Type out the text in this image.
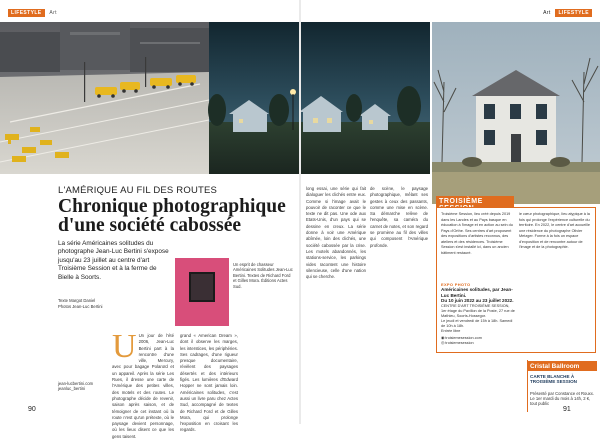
LIFESTYLE Art	Art LIFESTYLE
L'AMÉRIQUE AU FIL DES ROUTES
Chronique photographique d'une société cabossée

La série Américaines solitudes du photographe Jean-Luc Bertini s'expose jusqu'au 23 juillet au centre d'art Troisième Session et à la ferme de Bielle à Soorts.

Texte Margot Daniel
Photos Jean-Luc Bertini
Un esprit de chasseur Américaines Solitudes Jean-Luc Bertini. Textes de Richard Ford et Gilles Mora. Éditions Actes Sud.
U Un jour de l'été 2006, Jean-Luc Bertini part à la rencontre d'une ville, Mercury, avec pour bagage Polaroïd et un appareil. Après la série Les Rues, il dresse une carte de l'Amérique des petites villes, des motels et des routes. Le photographe décide de revenir, saison après saison, et de témoigner de cet instant où la route n'est qu'un prétexte, où le paysage devient personnage, où les lieux disent ce que les gens taisent.
grand « American Dream », dont il observe les marges, les interstices, les périphéries. Ses cadrages, d'une rigueur presque documentaire, révèlent des paysages désertés et des intérieurs figés. Les lumières d'Edward Hopper ne sont jamais loin. Américaines solitudes, c'est aussi un livre paru chez Actes Sud, accompagné de textes de Richard Ford et de Gilles Mora, qui prolonge l'exposition en croisant les regards.
long essai, une série qui fait dialoguer les clichés entre eux. Comme si l'image avait le pouvoir de raconter ce que le texte ne dit pas. Une ode aux Etats-Unis, d'un pays qui se dessine en creux. La série donne à voir une Amérique abîmée, loin des clichés, une société cabossée par la crise. Les motels abandonnés, les stations-service, les parkings vides racontent une histoire silencieuse, celle d'une nation qui se cherche.
de scène, le paysage photographique, mêlant ses gestes à ceux des passants, comme une mise en scène. Sa démarche relève de l'enquête, sa caméra du carnet de notes, et son regard se promène au fil des villes qui composent l'Amérique profonde.
jean-lucbertini.com
jeanluc_bertini
TROISIÈME SESSION
Troisième Session, lieu créé depuis 2019 dans les Landes et au Pays basque en éducation à l'image et en action au sein du Pays d'Orthe. Ses centres d'art proposent des expositions d'artistes reconnus, des ateliers et des résidences. Troisième Session s'est installé ici, dans un ancien bâtiment restauré.
le cœur photographique, lieu atypique à la fois qui prolonge l'expérience culturelle du territoire. En 2022, le centre d'art accueille une résidence du photographe Olivier Metzger. Forme à la fois un espace d'exposition et de rencontre autour de l'image et de la photographie.
EXPO PHOTO
Américaines solitudes, par Jean-Luc Bertini.
Du 10 juin 2022 au 23 juillet 2022.
CENTRE D'ART TROISIÈME SESSION, 1er étage du Pavillon de la Poste, 27 rue de Mathieu, Soorts-Hossegor.
Le jeudi et vendredi de 15h à 18h. Samedi de 10h à 18h.
Entrée libre
◉ troisiemesession.com
◎ troisiemesession
Cristal Ballroom
CARTE BLANCHE À TROISIÈME SESSION
Présenté par Constance et Rouxx. Le 1er mardi du mois à 14h, 2 €, tout public
90	91
